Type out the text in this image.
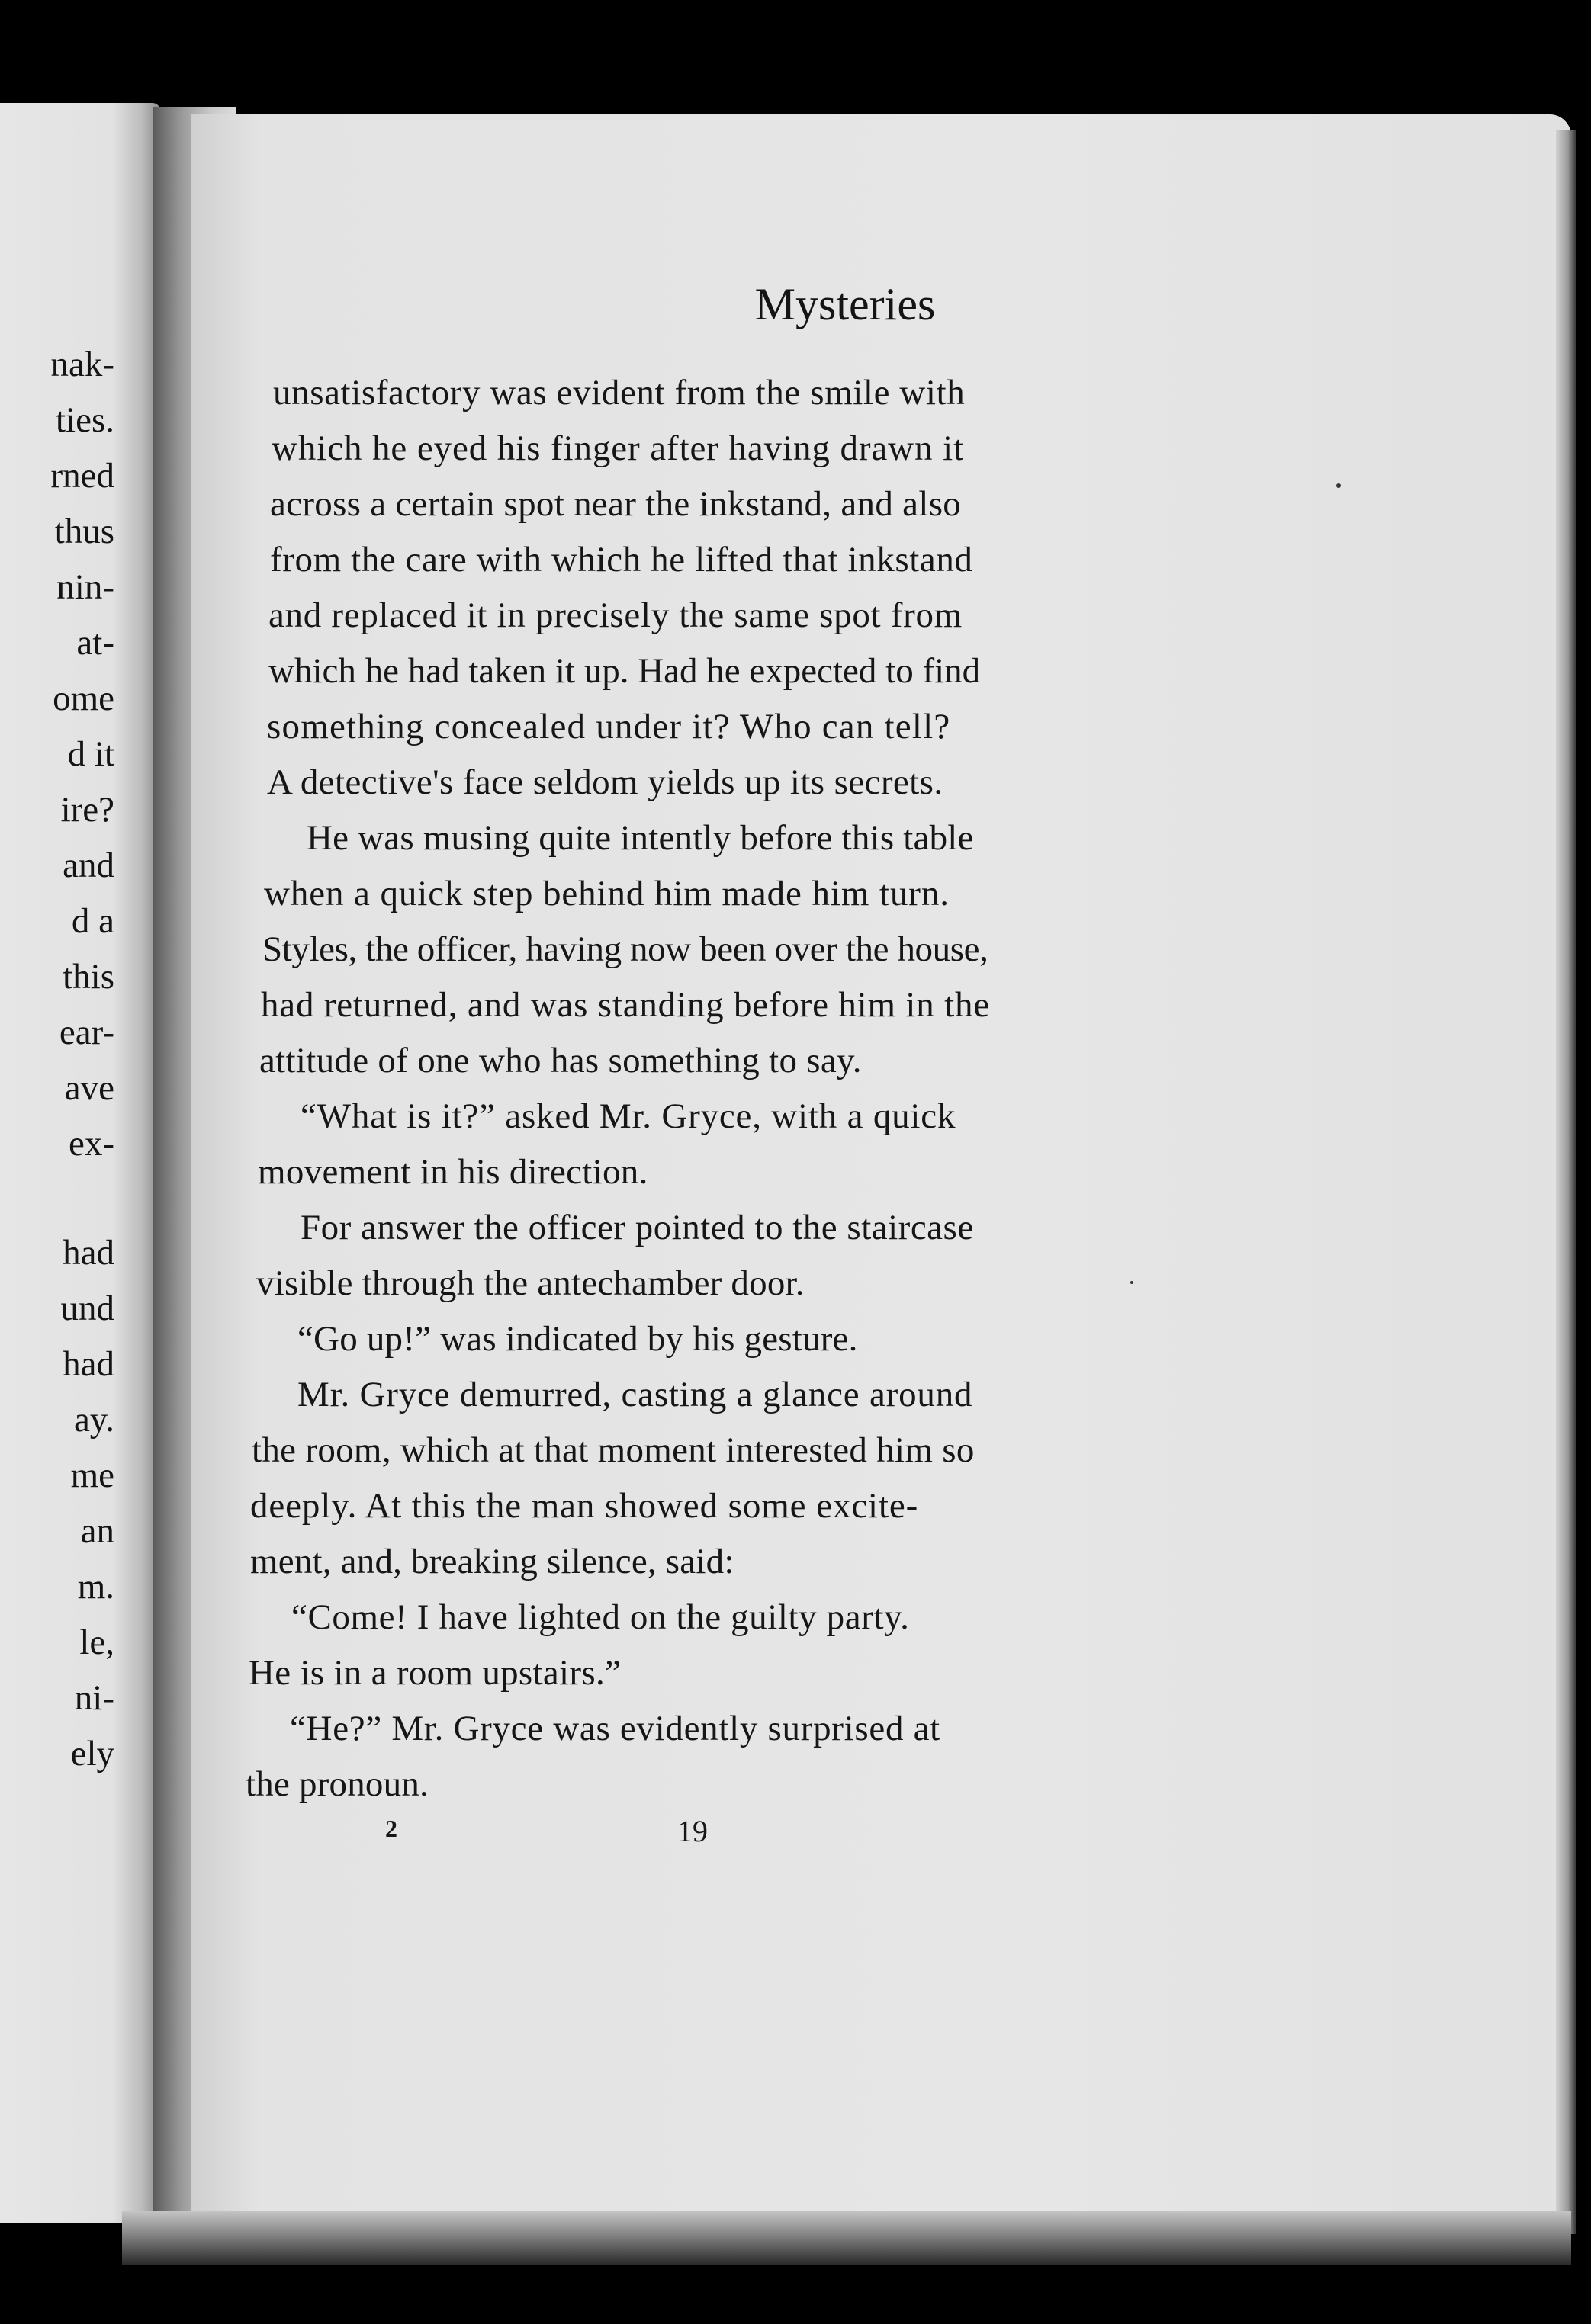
nak-

ties.

rned

thus

nin-

at-

ome

d it

ire?

and

d a

this

ear-

ave

ex-

had

und

had

ay.

me

an

m.

le,

ni-

ely

Mysteries

unsatisfactory was evident from the smile with

which he eyed his finger after having drawn it

across a certain spot near the inkstand, and also

from the care with which he lifted that inkstand

and replaced it in precisely the same spot from

which he had taken it up. Had he expected to find

something concealed under it? Who can tell?

A detective's face seldom yields up its secrets.

He was musing quite intently before this table

when a quick step behind him made him turn.

Styles, the officer, having now been over the house,

had returned, and was standing before him in the

attitude of one who has something to say.

“What is it?” asked Mr. Gryce, with a quick

movement in his direction.

For answer the officer pointed to the staircase

visible through the antechamber door.

“Go up!” was indicated by his gesture.

Mr. Gryce demurred, casting a glance around

the room, which at that moment interested him so

deeply. At this the man showed some excite-

ment, and, breaking silence, said:

“Come! I have lighted on the guilty party.

He is in a room upstairs.”

“He?” Mr. Gryce was evidently surprised at

the pronoun.

2	19
